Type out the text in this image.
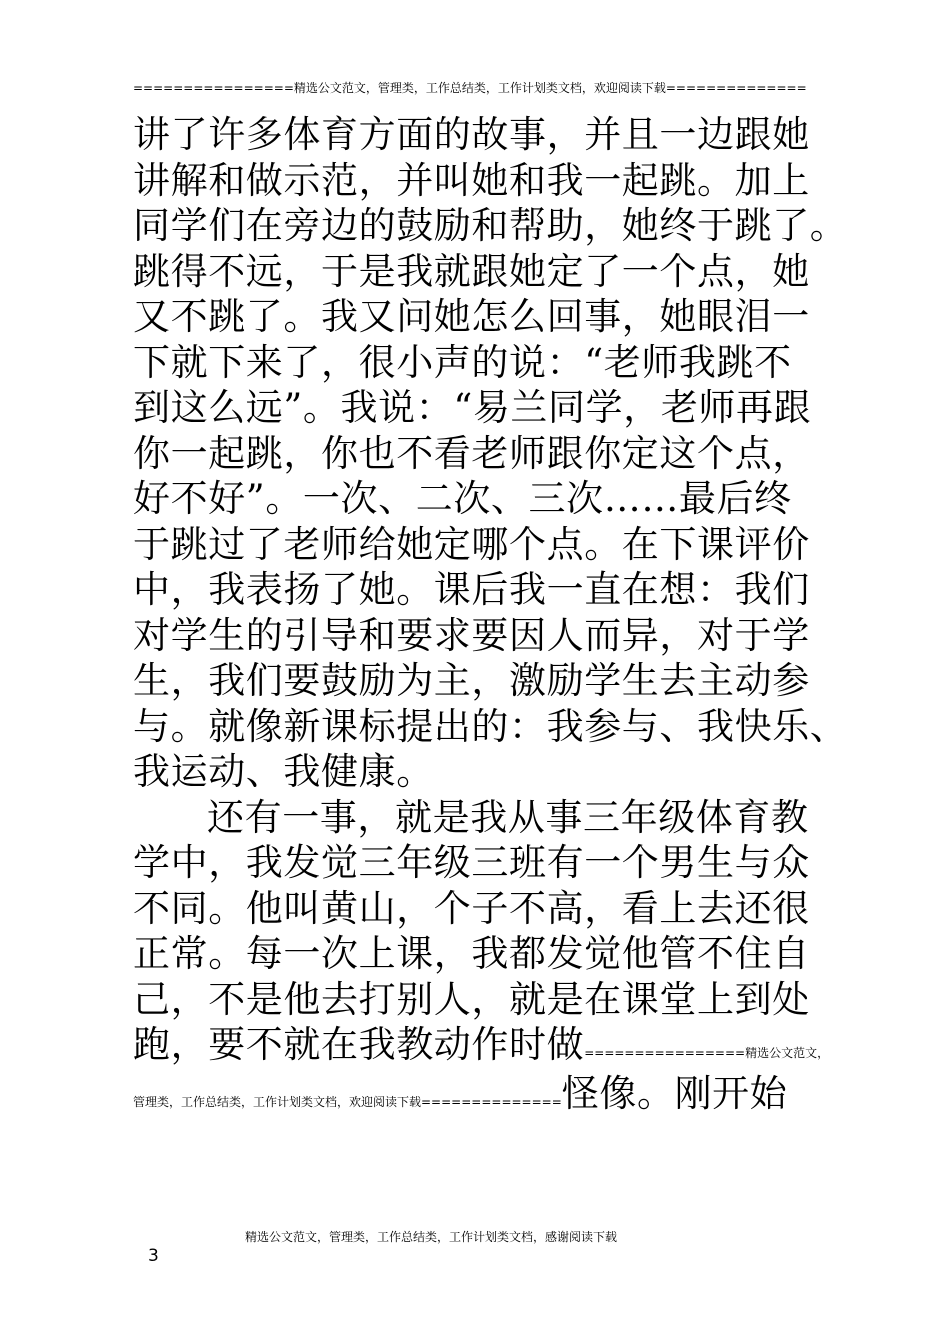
================精选公文范文，管理类，工作总结类，工作计划类文档，欢迎阅读下载==============
讲了许多体育方面的故事，并且一边跟她
讲解和做示范，并叫她和我一起跳。加上
同学们在旁边的鼓励和帮助，她终于跳了。
跳得不远，于是我就跟她定了一个点，她
又不跳了。我又问她怎么回事，她眼泪一
下就下来了，很小声的说：“老师我跳不
到这么远”。我说：“易兰同学，老师再跟
你一起跳，你也不看老师跟你定这个点，
好不好”。一次、二次、三次……最后终
于跳过了老师给她定哪个点。在下课评价
中，我表扬了她。课后我一直在想：我们
对学生的引导和要求要因人而异，对于学
生，我们要鼓励为主，激励学生去主动参
与。就像新课标提出的：我参与、我快乐、
我运动、我健康。
还有一事，就是我从事三年级体育教
学中，我发觉三年级三班有一个男生与众
不同。他叫黄山，个子不高，看上去还很
正常。每一次上课，我都发觉他管不住自
己，不是他去打别人，就是在课堂上到处
跑，要不就在我教动作时做================精选公文范文，
管理类，工作总结类，工作计划类文档，欢迎阅读下载==============怪像。刚开始
精选公文范文，管理类，工作总结类，工作计划类文档，感谢阅读下载
3
